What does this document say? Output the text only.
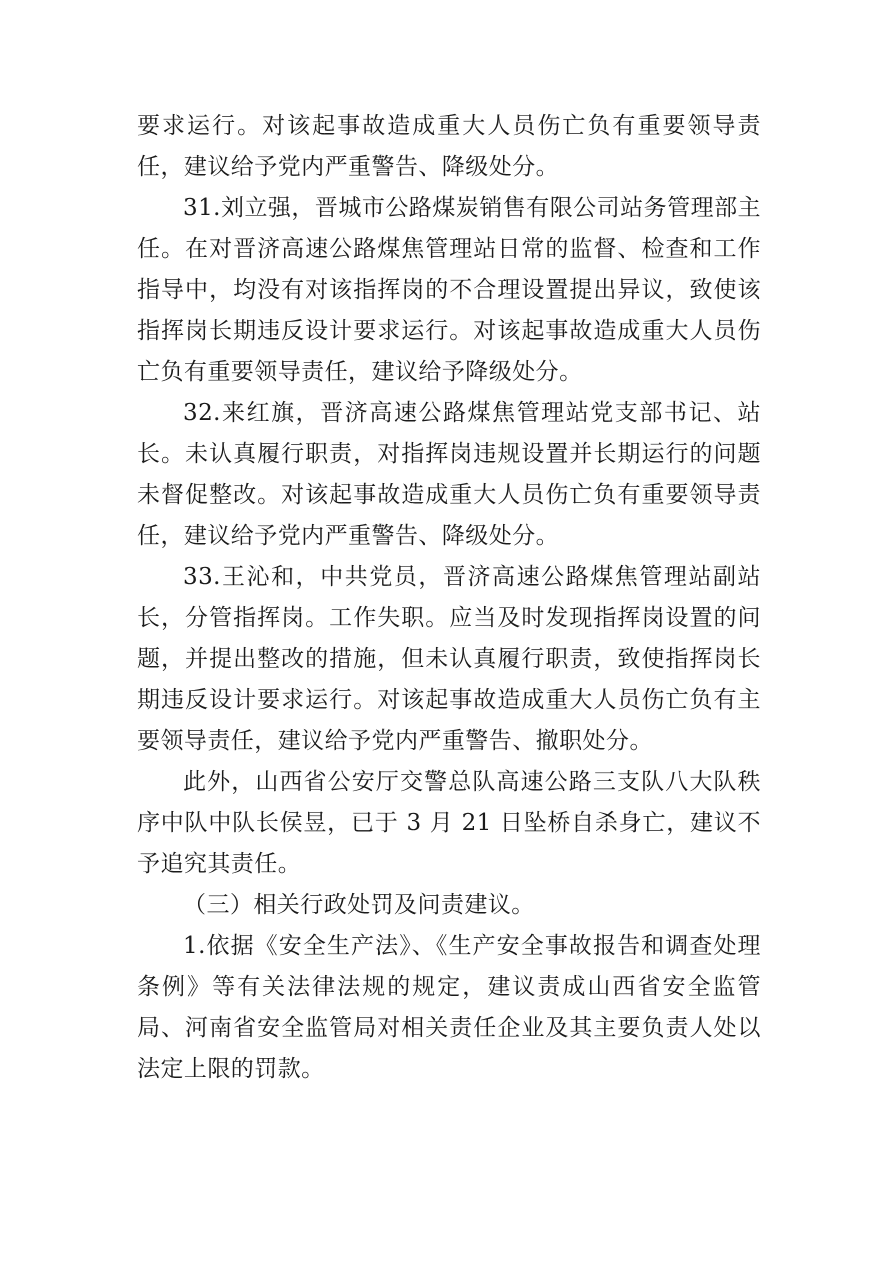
要求运行。对该起事故造成重大人员伤亡负有重要领导责任，建议给予党内严重警告、降级处分。

31.刘立强，晋城市公路煤炭销售有限公司站务管理部主任。在对晋济高速公路煤焦管理站日常的监督、检查和工作指导中，均没有对该指挥岗的不合理设置提出异议，致使该指挥岗长期违反设计要求运行。对该起事故造成重大人员伤亡负有重要领导责任，建议给予降级处分。

32.来红旗，晋济高速公路煤焦管理站党支部书记、站长。未认真履行职责，对指挥岗违规设置并长期运行的问题未督促整改。对该起事故造成重大人员伤亡负有重要领导责任，建议给予党内严重警告、降级处分。

33.王沁和，中共党员，晋济高速公路煤焦管理站副站长，分管指挥岗。工作失职。应当及时发现指挥岗设置的问题，并提出整改的措施，但未认真履行职责，致使指挥岗长期违反设计要求运行。对该起事故造成重大人员伤亡负有主要领导责任，建议给予党内严重警告、撤职处分。

此外，山西省公安厅交警总队高速公路三支队八大队秩序中队中队长侯昱，已于 3 月 21 日坠桥自杀身亡，建议不予追究其责任。

（三）相关行政处罚及问责建议。

1.依据《安全生产法》、《生产安全事故报告和调查处理条例》等有关法律法规的规定，建议责成山西省安全监管局、河南省安全监管局对相关责任企业及其主要负责人处以法定上限的罚款。
